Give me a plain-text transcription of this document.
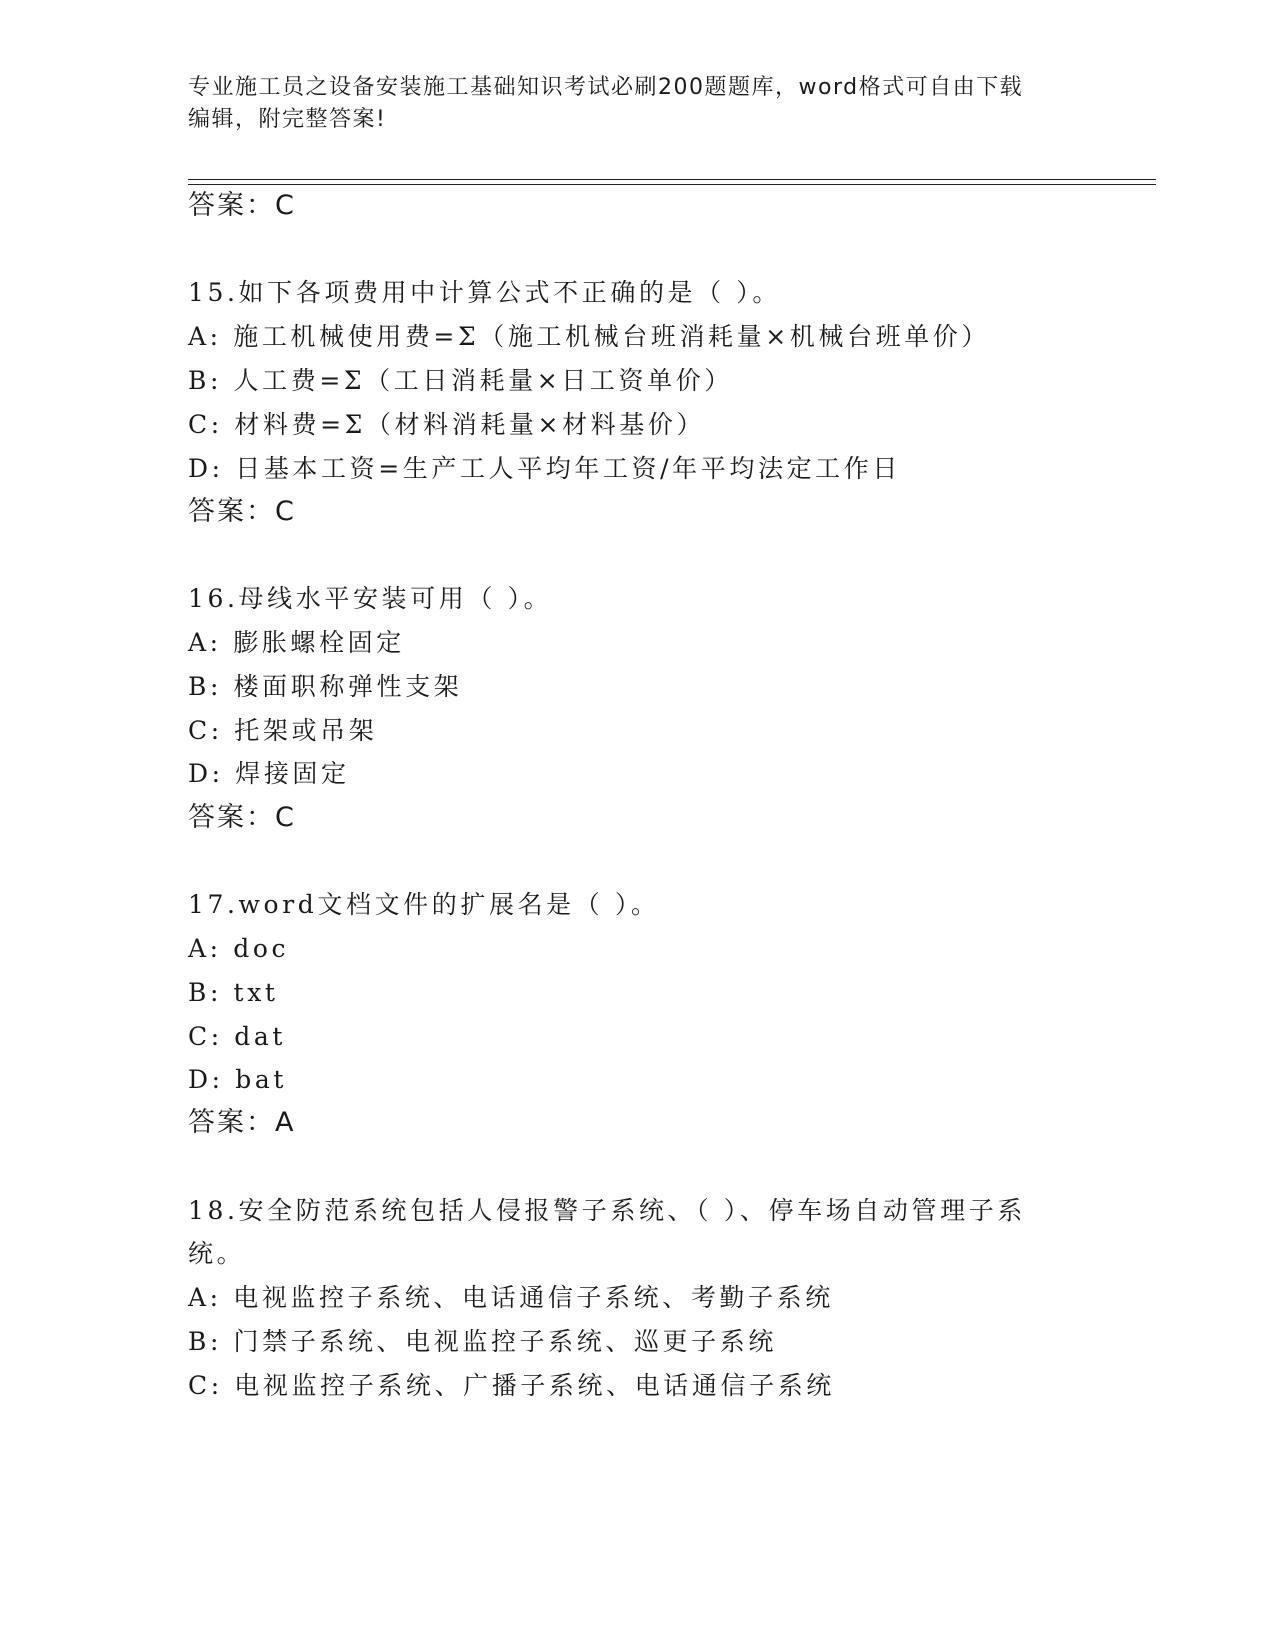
专业施工员之设备安装施工基础知识考试必刷200题题库，word格式可自由下载
编辑，附完整答案!
答案：C
15.如下各项费用中计算公式不正确的是（ ）。
A: 施工机械使用费=Σ（施工机械台班消耗量×机械台班单价）
B: 人工费=Σ（工日消耗量×日工资单价）
C: 材料费=Σ（材料消耗量×材料基价）
D: 日基本工资=生产工人平均年工资/年平均法定工作日
答案：C
16.母线水平安装可用（ ）。
A: 膨胀螺栓固定
B: 楼面职称弹性支架
C: 托架或吊架
D: 焊接固定
答案：C
17.word文档文件的扩展名是（ ）。
A: doc
B: txt
C: dat
D: bat
答案：A
18.安全防范系统包括人侵报警子系统、（ ）、停车场自动管理子系
统。
A: 电视监控子系统、电话通信子系统、考勤子系统
B: 门禁子系统、电视监控子系统、巡更子系统
C: 电视监控子系统、广播子系统、电话通信子系统
